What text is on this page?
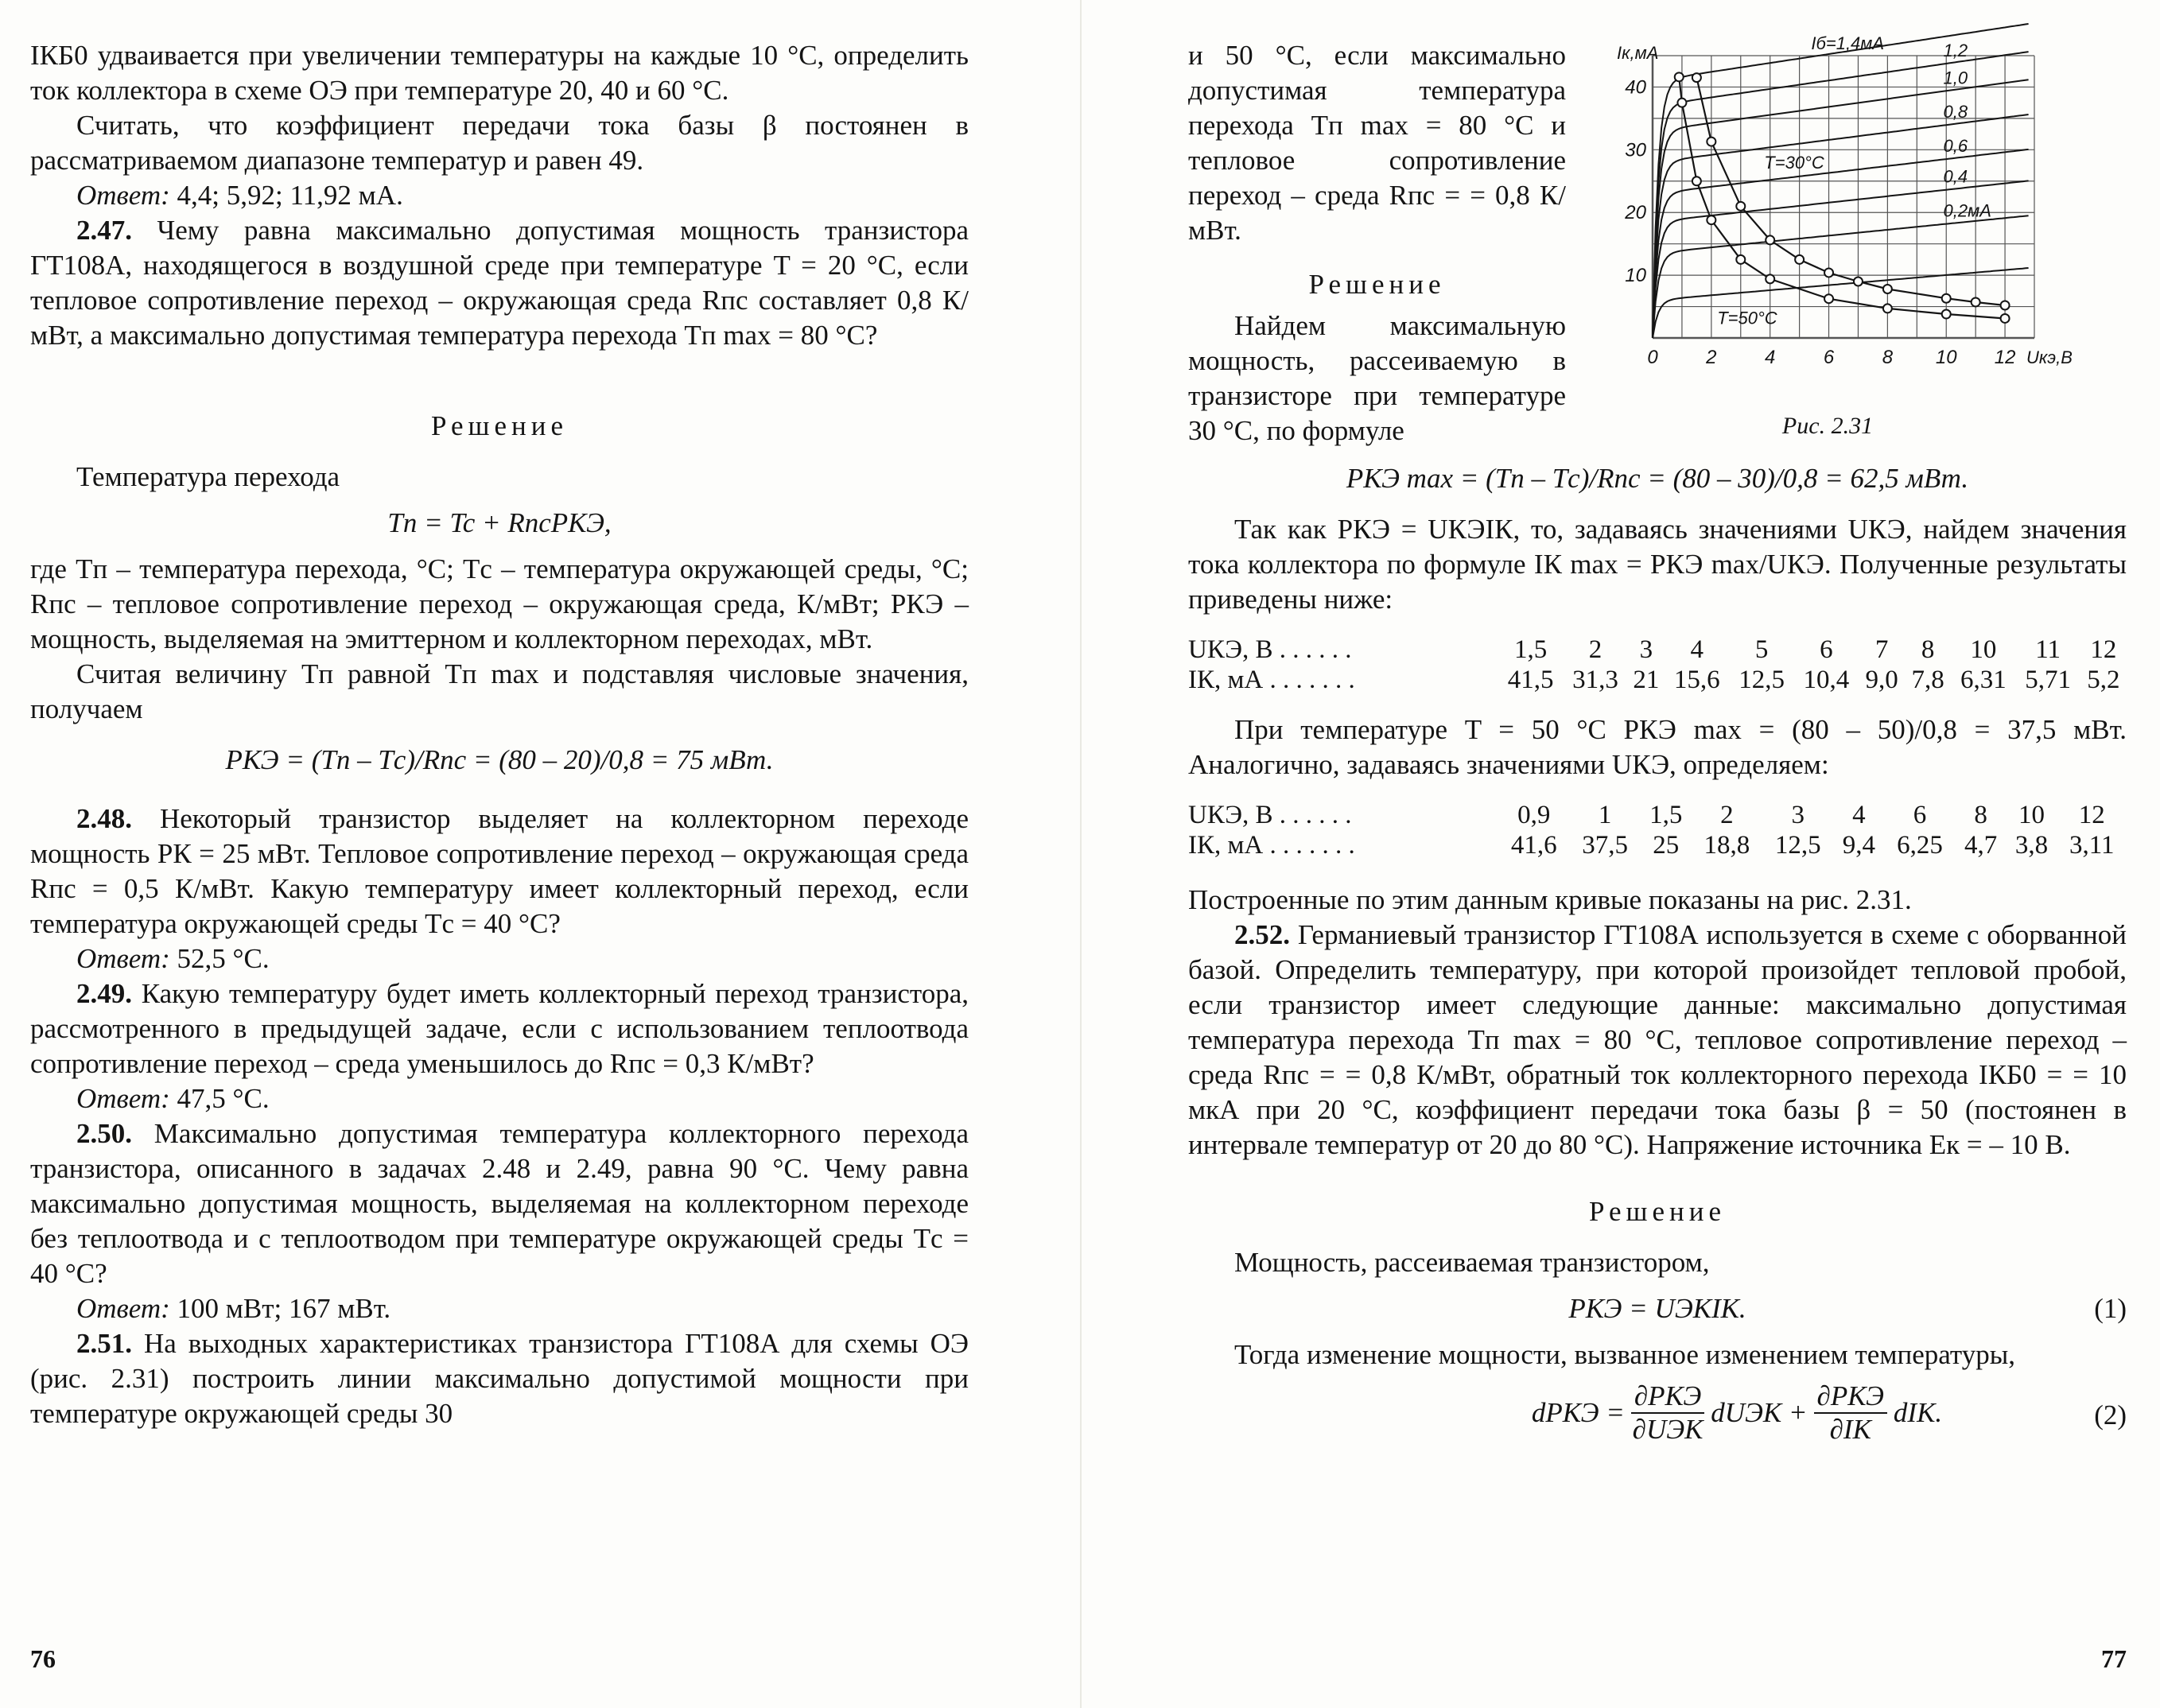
IКБ0 удваивается при увеличении температуры на каждые 10 °С, определить ток коллектора в схеме ОЭ при температуре 20, 40 и 60 °С.

Считать, что коэффициент передачи тока базы β постоянен в рассматриваемом диапазоне температур и равен 49.

Ответ: 4,4; 5,92; 11,92 мА.

2.47. Чему равна максимально допустимая мощность транзистора ГТ108А, находящегося в воздушной среде при температуре T = 20 °С, если тепловое сопротивление переход – окружающая среда Rпс составляет 0,8 К/мВт, а максимально допустимая температура перехода Tп max = 80 °С?

Решение

Температура перехода

Tп = Tc + RпсPКЭ,

где Tп – температура перехода, °С; Tс – температура окружающей среды, °С; Rпс – тепловое сопротивление переход – окружающая среда, К/мВт; PКЭ – мощность, выделяемая на эмиттерном и коллекторном переходах, мВт.

Считая величину Tп равной Tп max и подставляя числовые значения, получаем

PКЭ = (Tп – Tс)/Rпс = (80 – 20)/0,8 = 75 мВт.

2.48. Некоторый транзистор выделяет на коллекторном переходе мощность PК = 25 мВт. Тепловое сопротивление переход – окружающая среда Rпс = 0,5 К/мВт. Какую температуру имеет коллекторный переход, если температура окружающей среды Tс = 40 °С?

Ответ: 52,5 °С.

2.49. Какую температуру будет иметь коллекторный переход транзистора, рассмотренного в предыдущей задаче, если с использованием теплоотвода сопротивление переход – среда уменьшилось до Rпс = 0,3 К/мВт?

Ответ: 47,5 °С.

2.50. Максимально допустимая температура коллекторного перехода транзистора, описанного в задачах 2.48 и 2.49, равна 90 °С. Чему равна максимально допустимая мощность, выделяемая на коллекторном переходе без теплоотвода и с теплоотводом при температуре окружающей среды Tс = 40 °С?

Ответ: 100 мВт; 167 мВт.

2.51. На выходных характеристиках транзистора ГТ108А для схемы ОЭ (рис. 2.31) построить линии максимально допустимой мощности при температуре окружающей среды 30

76

и 50 °С, если максимально допустимая температура перехода Tп max = 80 °С и тепловое сопротивление переход – среда Rпс = = 0,8 К/мВт.

Решение

Найдем максимальную мощность, рассеиваемую в транзисторе при температуре 30 °С, по формуле

PКЭ max = (Tп – Tс)/Rпс = (80 – 30)/0,8 = 62,5 мВт.

Так как PКЭ = UКЭIК, то, задаваясь значениями UКЭ, найдем значения тока коллектора по формуле IК max = PКЭ max/UКЭ. Полученные результаты приведены ниже:

UКЭ, В . . . . . .	1,5	2	3	4	5	6	7	8	10	11	12
IК, мА . . . . . . .	41,5	31,3	21	15,6	12,5	10,4	9,0	7,8	6,31	5,71	5,2

При температуре T = 50 °С PКЭ max = (80 – 50)/0,8 = 37,5 мВт. Аналогично, задаваясь значениями UКЭ, определяем:

UКЭ, В . . . . . .	0,9	1	1,5	2	3	4	6	8	10	12
IК, мА . . . . . . .	41,6	37,5	25	18,8	12,5	9,4	6,25	4,7	3,8	3,11

Построенные по этим данным кривые показаны на рис. 2.31.

2.52. Германиевый транзистор ГТ108А используется в схеме с оборванной базой. Определить температуру, при которой произойдет тепловой пробой, если транзистор имеет следующие данные: максимально допустимая температура перехода Tп max = 80 °С, тепловое сопротивление переход – среда Rпс = = 0,8 К/мВт, обратный ток коллекторного перехода IКБ0 = = 10 мкА при 20 °С, коэффициент передачи тока базы β = 50 (постоянен в интервале температур от 20 до 80 °С). Напряжение источника Eк = – 10 В.

Решение

Мощность, рассеиваемая транзистором,

PКЭ = UЭКIК.	(1)

Тогда изменение мощности, вызванное изменением температуры,

dPКЭ =
∂PКЭ
∂UЭК
dUЭК +
∂PКЭ
∂IК
dIК.	(2)
0	2	4	6	8 10 12
10
20
30
40
Iк,мА
Uкэ,В
Iб=1,4мА	1,2
1,0
0,8
0,6
0,4
0,2мА
T=30°C
T=50°C
Рис. 2.31
77
